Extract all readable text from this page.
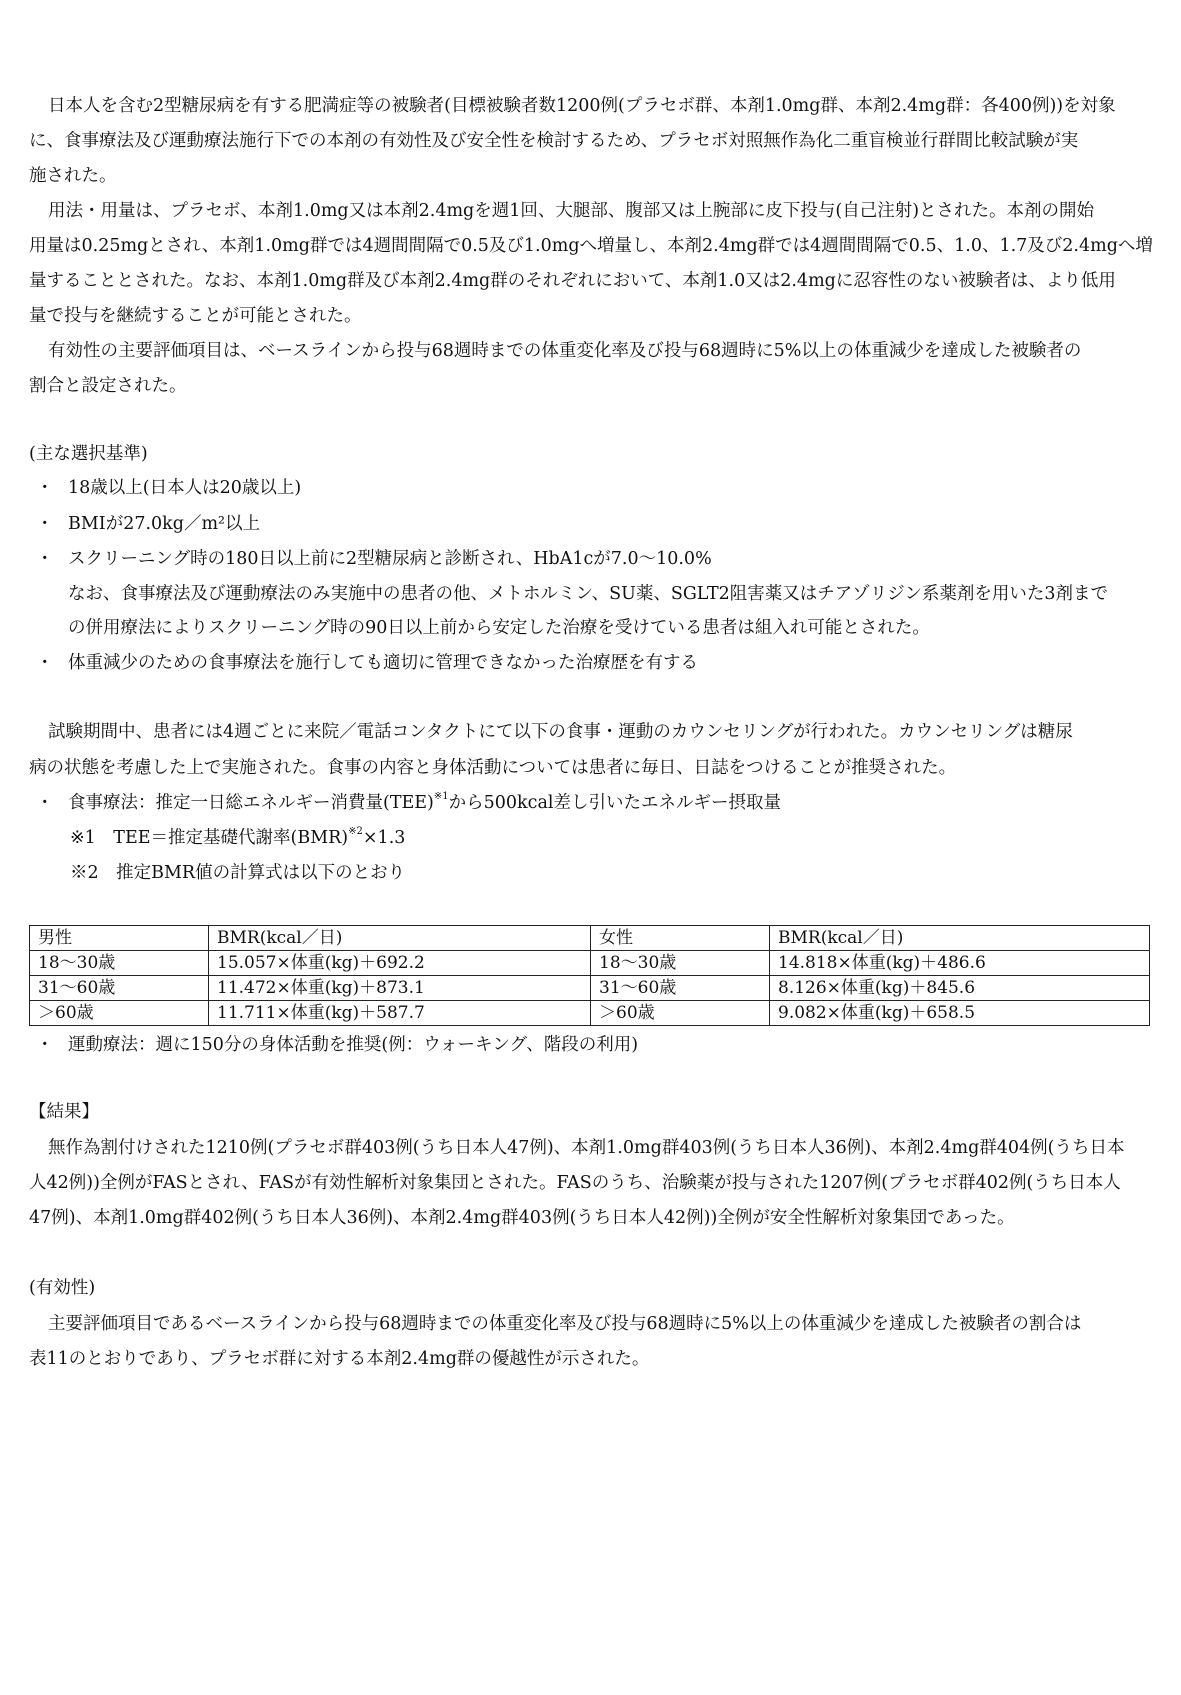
日本人を含む2型糖尿病を有する肥満症等の被験者(目標被験者数1200例(プラセボ群、本剤1.0mg群、本剤2.4mg群：各400例))を対象
に、食事療法及び運動療法施行下での本剤の有効性及び安全性を検討するため、プラセボ対照無作為化二重盲検並行群間比較試験が実
施された。
用法・用量は、プラセボ、本剤1.0mg又は本剤2.4mgを週1回、大腿部、腹部又は上腕部に皮下投与(自己注射)とされた。本剤の開始
用量は0.25mgとされ、本剤1.0mg群では4週間間隔で0.5及び1.0mgへ増量し、本剤2.4mg群では4週間間隔で0.5、1.0、1.7及び2.4mgへ増
量することとされた。なお、本剤1.0mg群及び本剤2.4mg群のそれぞれにおいて、本剤1.0又は2.4mgに忍容性のない被験者は、より低用
量で投与を継続することが可能とされた。
有効性の主要評価項目は、ベースラインから投与68週時までの体重変化率及び投与68週時に5%以上の体重減少を達成した被験者の
割合と設定された。
(主な選択基準)
・ 18歳以上(日本人は20歳以上)
・ BMIが27.0kg／m²以上
・ スクリーニング時の180日以上前に2型糖尿病と診断され、HbA1cが7.0～10.0%
なお、食事療法及び運動療法のみ実施中の患者の他、メトホルミン、SU薬、SGLT2阻害薬又はチアゾリジン系薬剤を用いた3剤まで
の併用療法によりスクリーニング時の90日以上前から安定した治療を受けている患者は組入れ可能とされた。
・ 体重減少のための食事療法を施行しても適切に管理できなかった治療歴を有する
試験期間中、患者には4週ごとに来院／電話コンタクトにて以下の食事・運動のカウンセリングが行われた。カウンセリングは糖尿
病の状態を考慮した上で実施された。食事の内容と身体活動については患者に毎日、日誌をつけることが推奨された。
・ 食事療法：推定一日総エネルギー消費量(TEE)$^{※1}$から500kcal差し引いたエネルギー摂取量
※1　TEE＝推定基礎代謝率(BMR)$^{※2}$×1.3
※2　推定BMR値の計算式は以下のとおり
男性	BMR(kcal／日)	女性	BMR(kcal／日)
18～30歳	15.057×体重(kg)＋692.2	18～30歳	14.818×体重(kg)＋486.6
31～60歳	11.472×体重(kg)＋873.1	31～60歳	8.126×体重(kg)＋845.6
＞60歳	11.711×体重(kg)＋587.7	＞60歳	9.082×体重(kg)＋658.5
・ 運動療法：週に150分の身体活動を推奨(例：ウォーキング、階段の利用)
【結果】
無作為割付けされた1210例(プラセボ群403例(うち日本人47例)、本剤1.0mg群403例(うち日本人36例)、本剤2.4mg群404例(うち日本
人42例))全例がFASとされ、FASが有効性解析対象集団とされた。FASのうち、治験薬が投与された1207例(プラセボ群402例(うち日本人
47例)、本剤1.0mg群402例(うち日本人36例)、本剤2.4mg群403例(うち日本人42例))全例が安全性解析対象集団であった。
(有効性)
主要評価項目であるベースラインから投与68週時までの体重変化率及び投与68週時に5%以上の体重減少を達成した被験者の割合は
表11のとおりであり、プラセボ群に対する本剤2.4mg群の優越性が示された。
